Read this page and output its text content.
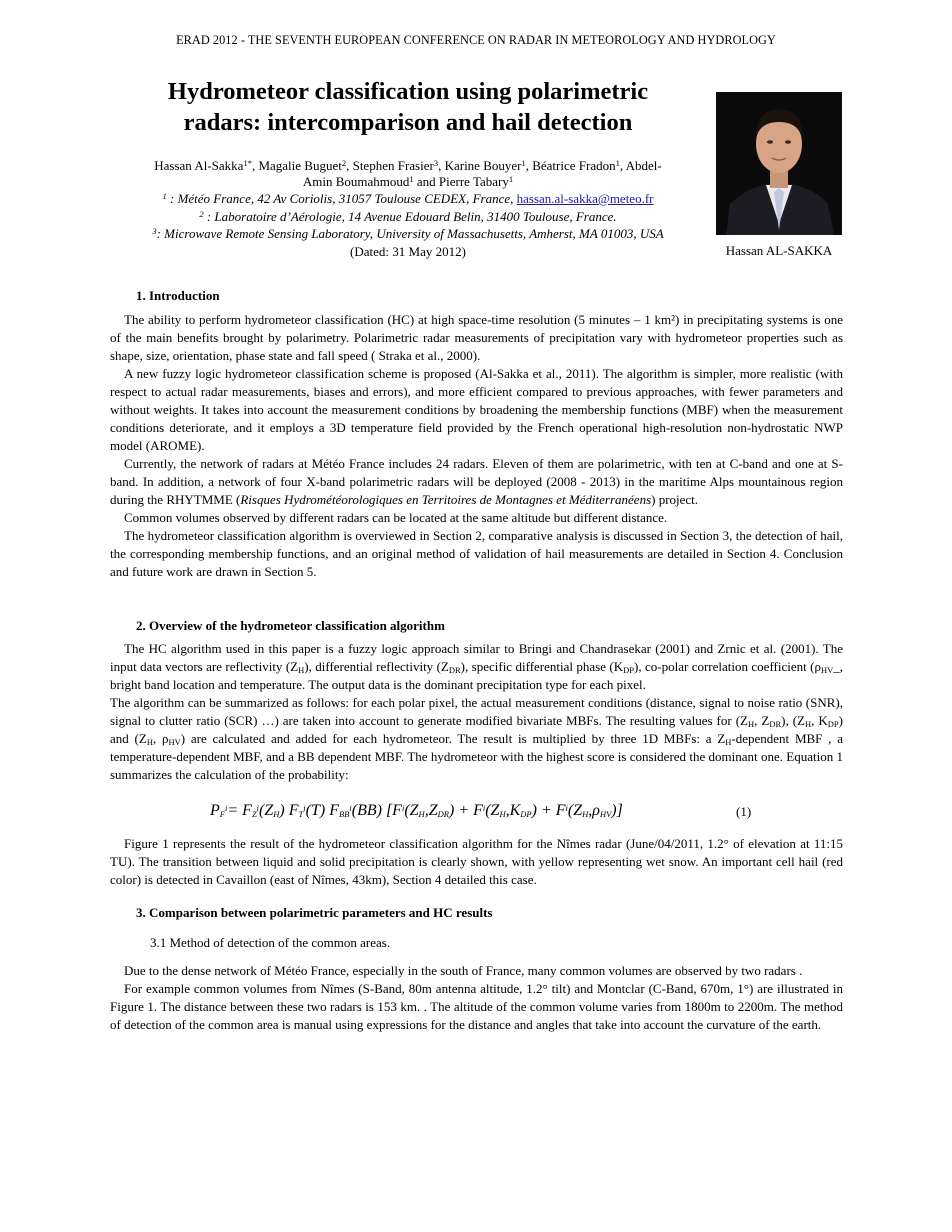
ERAD 2012 - THE SEVENTH EUROPEAN CONFERENCE ON RADAR IN METEOROLOGY AND HYDROLOGY
Hydrometeor classification using polarimetric
radars: intercomparison and hail detection
Hassan Al-Sakka$^{1*}$, Magalie Buguet$^2$, Stephen Frasier$^3$, Karine Bouyer$^1$, Béatrice Fradon$^1$, Abdel-
Amin Boumahmoud$^1$ and Pierre Tabary$^1$
$^1$ : Météo France, 42 Av Coriolis, 31057 Toulouse CEDEX, France, hassan.al-sakka@meteo.fr
$^2$ : Laboratoire d’Aérologie, 14 Avenue Edouard Belin, 31400 Toulouse, France.
$^3$: Microwave Remote Sensing Laboratory, University of Massachusetts, Amherst, MA 01003, USA
(Dated: 31 May 2012)	Hassan AL-SAKKA
1. Introduction

The ability to perform hydrometeor classification (HC) at high space-time resolution (5 minutes – 1 km²) in precipitating systems is one of the main benefits brought by polarimetry. Polarimetric radar measurements of precipitation vary with hydrometeor properties such as shape, size, orientation, phase state and fall speed ( Straka et al., 2000).

A new fuzzy logic hydrometeor classification scheme is proposed (Al-Sakka et al., 2011). The algorithm is simpler, more realistic (with respect to actual radar measurements, biases and errors), and more efficient compared to previous approaches, with fewer parameters and without weights. It takes into account the measurement conditions by broadening the membership functions (MBF) when the measurement conditions deteriorate, and it employs a 3D temperature field provided by the French operational high-resolution non-hydrostatic NWP model (AROME).

Currently, the network of radars at Météo France includes 24 radars. Eleven of them are polarimetric, with ten at C-band and one at S-band. In addition, a network of four X-band polarimetric radars will be deployed (2008 - 2013) in the maritime Alps mountainous region during the RHYTMME (Risques Hydrométéorologiques en Territoires de Montagnes et Méditerranéens) project.

Common volumes observed by different radars can be located at the same altitude but different distance.

The hydrometeor classification algorithm is overviewed in Section 2, comparative analysis is discussed in Section 3, the detection of hail, the corresponding membership functions, and an original method of validation of hail measurements are detailed in Section 4. Conclusion and future work are drawn in Section 5.

2. Overview of the hydrometeor classification algorithm

The HC algorithm used in this paper is a fuzzy logic approach similar to Bringi and Chandrasekar (2001) and Zrnic et al. (2001). The input data vectors are reflectivity $(Z_H)$, differential reflectivity $(Z_{DR})$, specific differential phase $(K_{DP})$, co-polar correlation coefficient ($\rho_{HV}\_$, bright band location and temperature. The output data is the dominant precipitation type for each pixel.

The algorithm can be summarized as follows: for each polar pixel, the actual measurement conditions (distance, signal to noise ratio (SNR), signal to clutter ratio (SCR) …) are taken into account to generate modified bivariate MBFs. The resulting values for ($Z_H$, $Z_{DR}$), ($Z_H$, $K_{DP}$) and ($Z_H$, $\rho_{HV}$) are calculated and added for each hydrometeor. The result is multiplied by three 1D MBFs: a $Z_H$-dependent MBF , a temperature-dependent MBF, and a BB dependent MBF. The hydrometeor with the highest score is considered the dominant one. Equation 1 summarizes the calculation of the probability:

$P_F^i= F_Z^i(Z_H)$ $F_T^i(T)$ $F_{BB}^i(BB) [F^i(Z_H,Z_{DR}) + F^i(Z_H,K_{DP}) + F^i(Z_H,\rho_{HV})]$	(1)

Figure 1 represents the result of the hydrometeor classification algorithm for the Nîmes radar (June/04/2011, 1.2° of elevation at 11:15 TU). The transition between liquid and solid precipitation is clearly shown, with yellow representing wet snow. An important cell hail (red color) is detected in Cavaillon (east of Nîmes, 43km), Section 4 detailed this case.

3. Comparison between polarimetric parameters and HC results
3.1 Method of detection of the common areas.

Due to the dense network of Météo France, especially in the south of France, many common volumes are observed by two radars .

For example common volumes from Nîmes (S-Band, 80m antenna altitude, 1.2° tilt) and Montclar (C-Band, 670m, 1°) are illustrated in Figure 1. The distance between these two radars is 153 km. . The altitude of the common volume varies from 1800m to 2200m. The method of detection of the common area is manual using expressions for the distance and angles that take into account the curvature of the earth.
